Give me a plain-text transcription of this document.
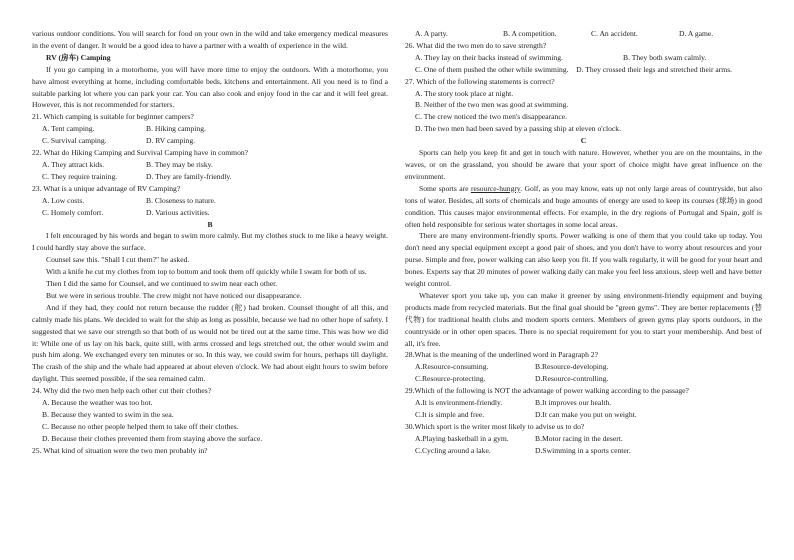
various outdoor conditions. You will search for food on your own in the wild and take emergency medical measures in the event of danger. It would be a good idea to have a partner with a wealth of experience in the wild.

RV (房车) Camping

If you go camping in a motorhome, you will have more time to enjoy the outdoors. With a motorhome, you have almost everything at home, including comfortable beds, kitchens and entertainment. All you need is to find a suitable parking lot where you can park your car. You can also cook and enjoy food in the car and it will feel great. However, this is not recommended for starters.

21. Which camping is suitable for beginner campers?

A. Tent camping.	B. Hiking camping.

C. Survival camping.	D. RV camping.

22. What do Hiking Camping and Survival Camping have in common?

A. They attract kids.	B. They may be risky.

C. They require training.	D. They are family-friendly.

23. What is a unique advantage of RV Camping?

A. Low costs.	B. Closeness to nature.

C. Homely comfort.	D. Various activities.

B

I felt encouraged by his words and began to swim more calmly. But my clothes stuck to me like a heavy weight. I could hardly stay above the surface.

Counsel saw this. "Shall I cut them?" he asked.

With a knife he cut my clothes from top to bottom and took them off quickly while I swam for both of us.

Then I did the same for Counsel, and we continued to swim near each other.

But we were in serious trouble. The crew might not have noticed our disappearance.

And if they had, they could not return because the rudder (舵) had broken. Counsel thought of all this, and calmly made his plans. We decided to wait for the ship as long as possible, because we had no other hope of safety. I suggested that we save our strength so that both of us would not be tired out at the same time. This was how we did it: While one of us lay on his back, quite still, with arms crossed and legs stretched out, the other would swim and push him along. We exchanged every ten minutes or so. In this way, we could swim for hours, perhaps till daylight. The crash of the ship and the whale had appeared at about eleven o'clock. We had about eight hours to swim before daylight. This seemed possible, if the sea remained calm.

24. Why did the two men help each other cut their clothes?

A. Because the weather was too hot.

B. Because they wanted to swim in the sea.

C. Because no other people helped them to take off their clothes.

D. Because their clothes prevented them from staying above the surface.

25. What kind of situation were the two men probably in?

A. A party.	B. A competition.	C. An accident.	D. A game.

26. What did the two men do to save strength?

A. They lay on their backs instead of swimming.	B. They both swam calmly.

C. One of them pushed the other while swimming. D. They crossed their legs and stretched their arms.

27. Which of the following statements is correct?

A. The story took place at night.

B. Neither of the two men was good at swimming.

C. The crew noticed the two men's disappearance.

D. The two men had been saved by a passing ship at eleven o'clock.

C

Sports can help you keep fit and get in touch with nature. However, whether you are on the mountains, in the waves, or on the grassland, you should be aware that your sport of choice might have great influence on the environment.

Some sports are resource-hungry. Golf, as you may know, eats up not only large areas of countryside, but also tons of water. Besides, all sorts of chemicals and huge amounts of energy are used to keep its courses (球场) in good condition. This causes major environmental effects. For example, in the dry regions of Portugal and Spain, golf is often held responsible for serious water shortages in some local areas.

There are many environment-friendly sports. Power walking is one of them that you could take up today. You don't need any special equipment except a good pair of shoes, and you don't have to worry about resources and your purse. Simple and free, power walking can also keep you fit. If you walk regularly, it will be good for your heart and bones. Experts say that 20 minutes of power walking daily can make you feel less anxious, sleep well and have better weight control.

Whatever sport you take up, you can make it greener by using environment-friendly equipment and buying products made from recycled materials. But the final goal should be "green gyms". They are better replacements (替代物) for traditional health clubs and modern sports centers. Members of green gyms play sports outdoors, in the countryside or in other open spaces. There is no special requirement for you to start your membership. And best of all, it's free.

28.What is the meaning of the underlined word in Paragraph 2?

A.Resource-consuming.	B.Resource-developing.

C.Resource-protecting.	D.Resource-controlling.

29.Which of the following is NOT the advantage of power walking according to the passage?

A.It is environment-friendly.	B.It improves our health.

C.It is simple and free.	D.It can make you put on weight.

30.Which sport is the writer most likely to advise us to do?

A.Playing basketball in a gym.	B.Motor racing in the desert.

C.Cycling around a lake.	D.Swimming in a sports center.
